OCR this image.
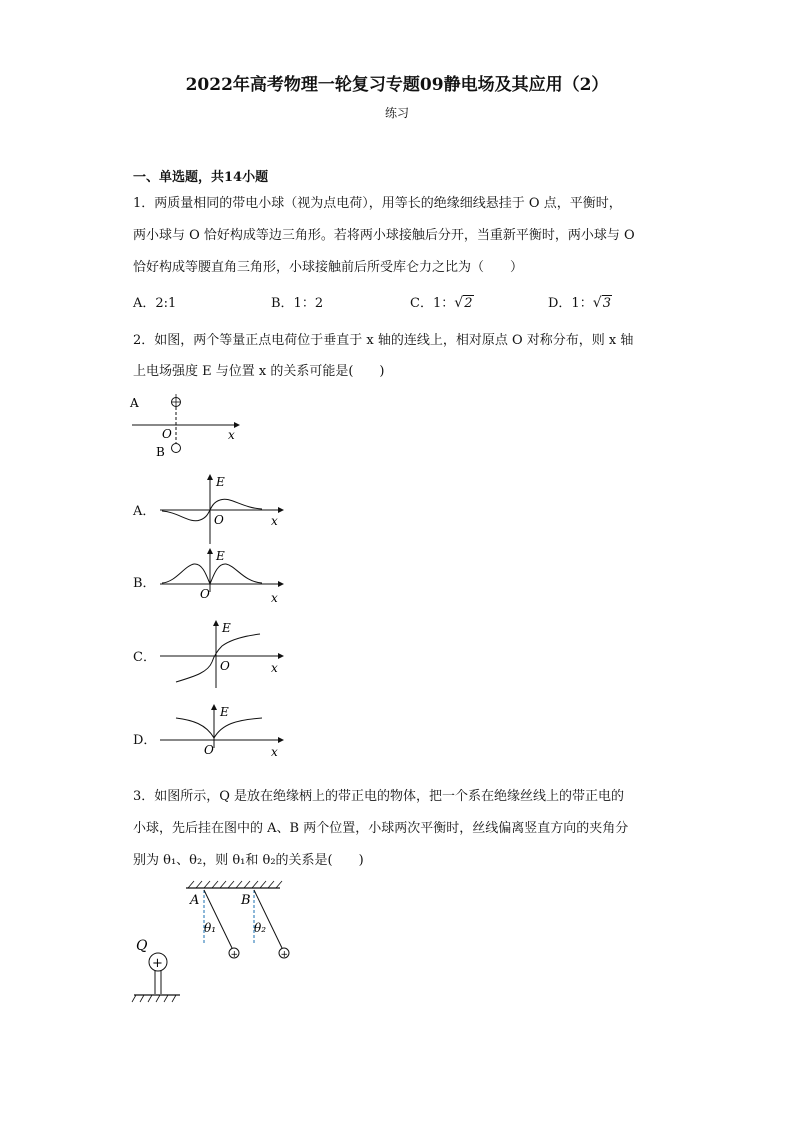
2022年高考物理一轮复习专题09静电场及其应用（2）
练习
一、单选题，共14小题
1．两质量相同的带电小球（视为点电荷），用等长的绝缘细线悬挂于 O 点，平衡时，
两小球与 O 恰好构成等边三角形。若将两小球接触后分开，当重新平衡时，两小球与 O
恰好构成等腰直角三角形，小球接触前后所受库仑力之比为（　　）
A．2:1	B．1：2	C．1： √ 2	D．1： √ 3
2．如图，两个等量正点电荷位于垂直于 x 轴的连线上，相对原点 O 对称分布，则 x 轴
上电场强度 E 与位置 x 的关系可能是(　　)
A
O	x
B
A．
E
O	x
B．
E
O	x
C．
E
O	x
D．
E
O	x
3．如图所示，Q 是放在绝缘柄上的带正电的物体，把一个系在绝缘丝线上的带正电的
小球，先后挂在图中的 A、B 两个位置，小球两次平衡时，丝线偏离竖直方向的夹角分
别为 θ₁、θ₂，则 θ₁和 θ₂的关系是(　　)
A
+
θ₁
B
+
θ₂
Q
+
